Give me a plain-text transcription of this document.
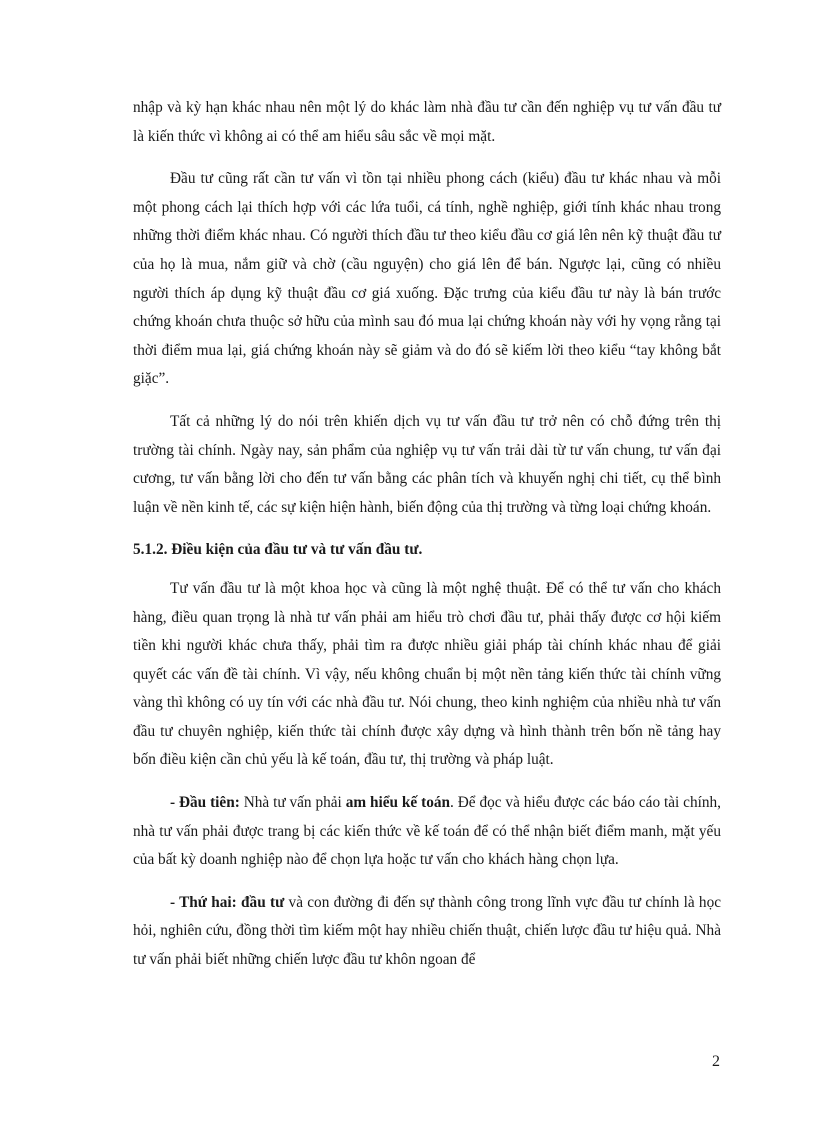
nhập và kỳ hạn khác nhau nên một lý do khác làm nhà đầu tư cần đến nghiệp vụ tư vấn đầu tư là kiến thức vì không ai có thể am hiểu sâu sắc về mọi mặt.

Đầu tư cũng rất cần tư vấn vì tồn tại nhiều phong cách (kiểu) đầu tư khác nhau và mỗi một phong cách lại thích hợp với các lứa tuổi, cá tính, nghề nghiệp, giới tính khác nhau trong những thời điểm khác nhau. Có người thích đầu tư theo kiểu đầu cơ giá lên nên kỹ thuật đầu tư của họ là mua, nắm giữ và chờ (cầu nguyện) cho giá lên để bán. Ngược lại, cũng có nhiều người thích áp dụng kỹ thuật đầu cơ giá xuống. Đặc trưng của kiểu đầu tư này là bán trước chứng khoán chưa thuộc sở hữu của mình sau đó mua lại chứng khoán này với hy vọng rằng tại thời điểm mua lại, giá chứng khoán này sẽ giảm và do đó sẽ kiếm lời theo kiểu “tay không bắt giặc”.

Tất cả những lý do nói trên khiến dịch vụ tư vấn đầu tư trở nên có chỗ đứng trên thị trường tài chính. Ngày nay, sản phẩm của nghiệp vụ tư vấn trải dài từ tư vấn chung, tư vấn đại cương, tư vấn bằng lời cho đến tư vấn bằng các phân tích và khuyến nghị chi tiết, cụ thể bình luận về nền kinh tế, các sự kiện hiện hành, biến động của thị trường và từng loại chứng khoán.

5.1.2. Điều kiện của đầu tư và tư vấn đầu tư.

Tư vấn đầu tư là một khoa học và cũng là một nghệ thuật. Để có thể tư vấn cho khách hàng, điều quan trọng là nhà tư vấn phải am hiểu trò chơi đầu tư, phải thấy được cơ hội kiếm tiền khi người khác chưa thấy, phải tìm ra được nhiều giải pháp tài chính khác nhau để giải quyết các vấn đề tài chính. Vì vậy, nếu không chuẩn bị một nền tảng kiến thức tài chính vững vàng thì không có uy tín với các nhà đầu tư. Nói chung, theo kinh nghiệm của nhiều nhà tư vấn đầu tư chuyên nghiệp, kiến thức tài chính được xây dựng và hình thành trên bốn nề tảng hay bốn điều kiện cần chủ yếu là kế toán, đầu tư, thị trường và pháp luật.

- Đầu tiên: Nhà tư vấn phải am hiểu kế toán. Để đọc và hiểu được các báo cáo tài chính, nhà tư vấn phải được trang bị các kiến thức về kế toán để có thể nhận biết điểm manh, mặt yếu của bất kỳ doanh nghiệp nào để chọn lựa hoặc tư vấn cho khách hàng chọn lựa.

- Thứ hai: đầu tư và con đường đi đến sự thành công trong lĩnh vực đầu tư chính là học hỏi, nghiên cứu, đồng thời tìm kiếm một hay nhiều chiến thuật, chiến lược đầu tư hiệu quả. Nhà tư vấn phải biết những chiến lược đầu tư khôn ngoan để

2
